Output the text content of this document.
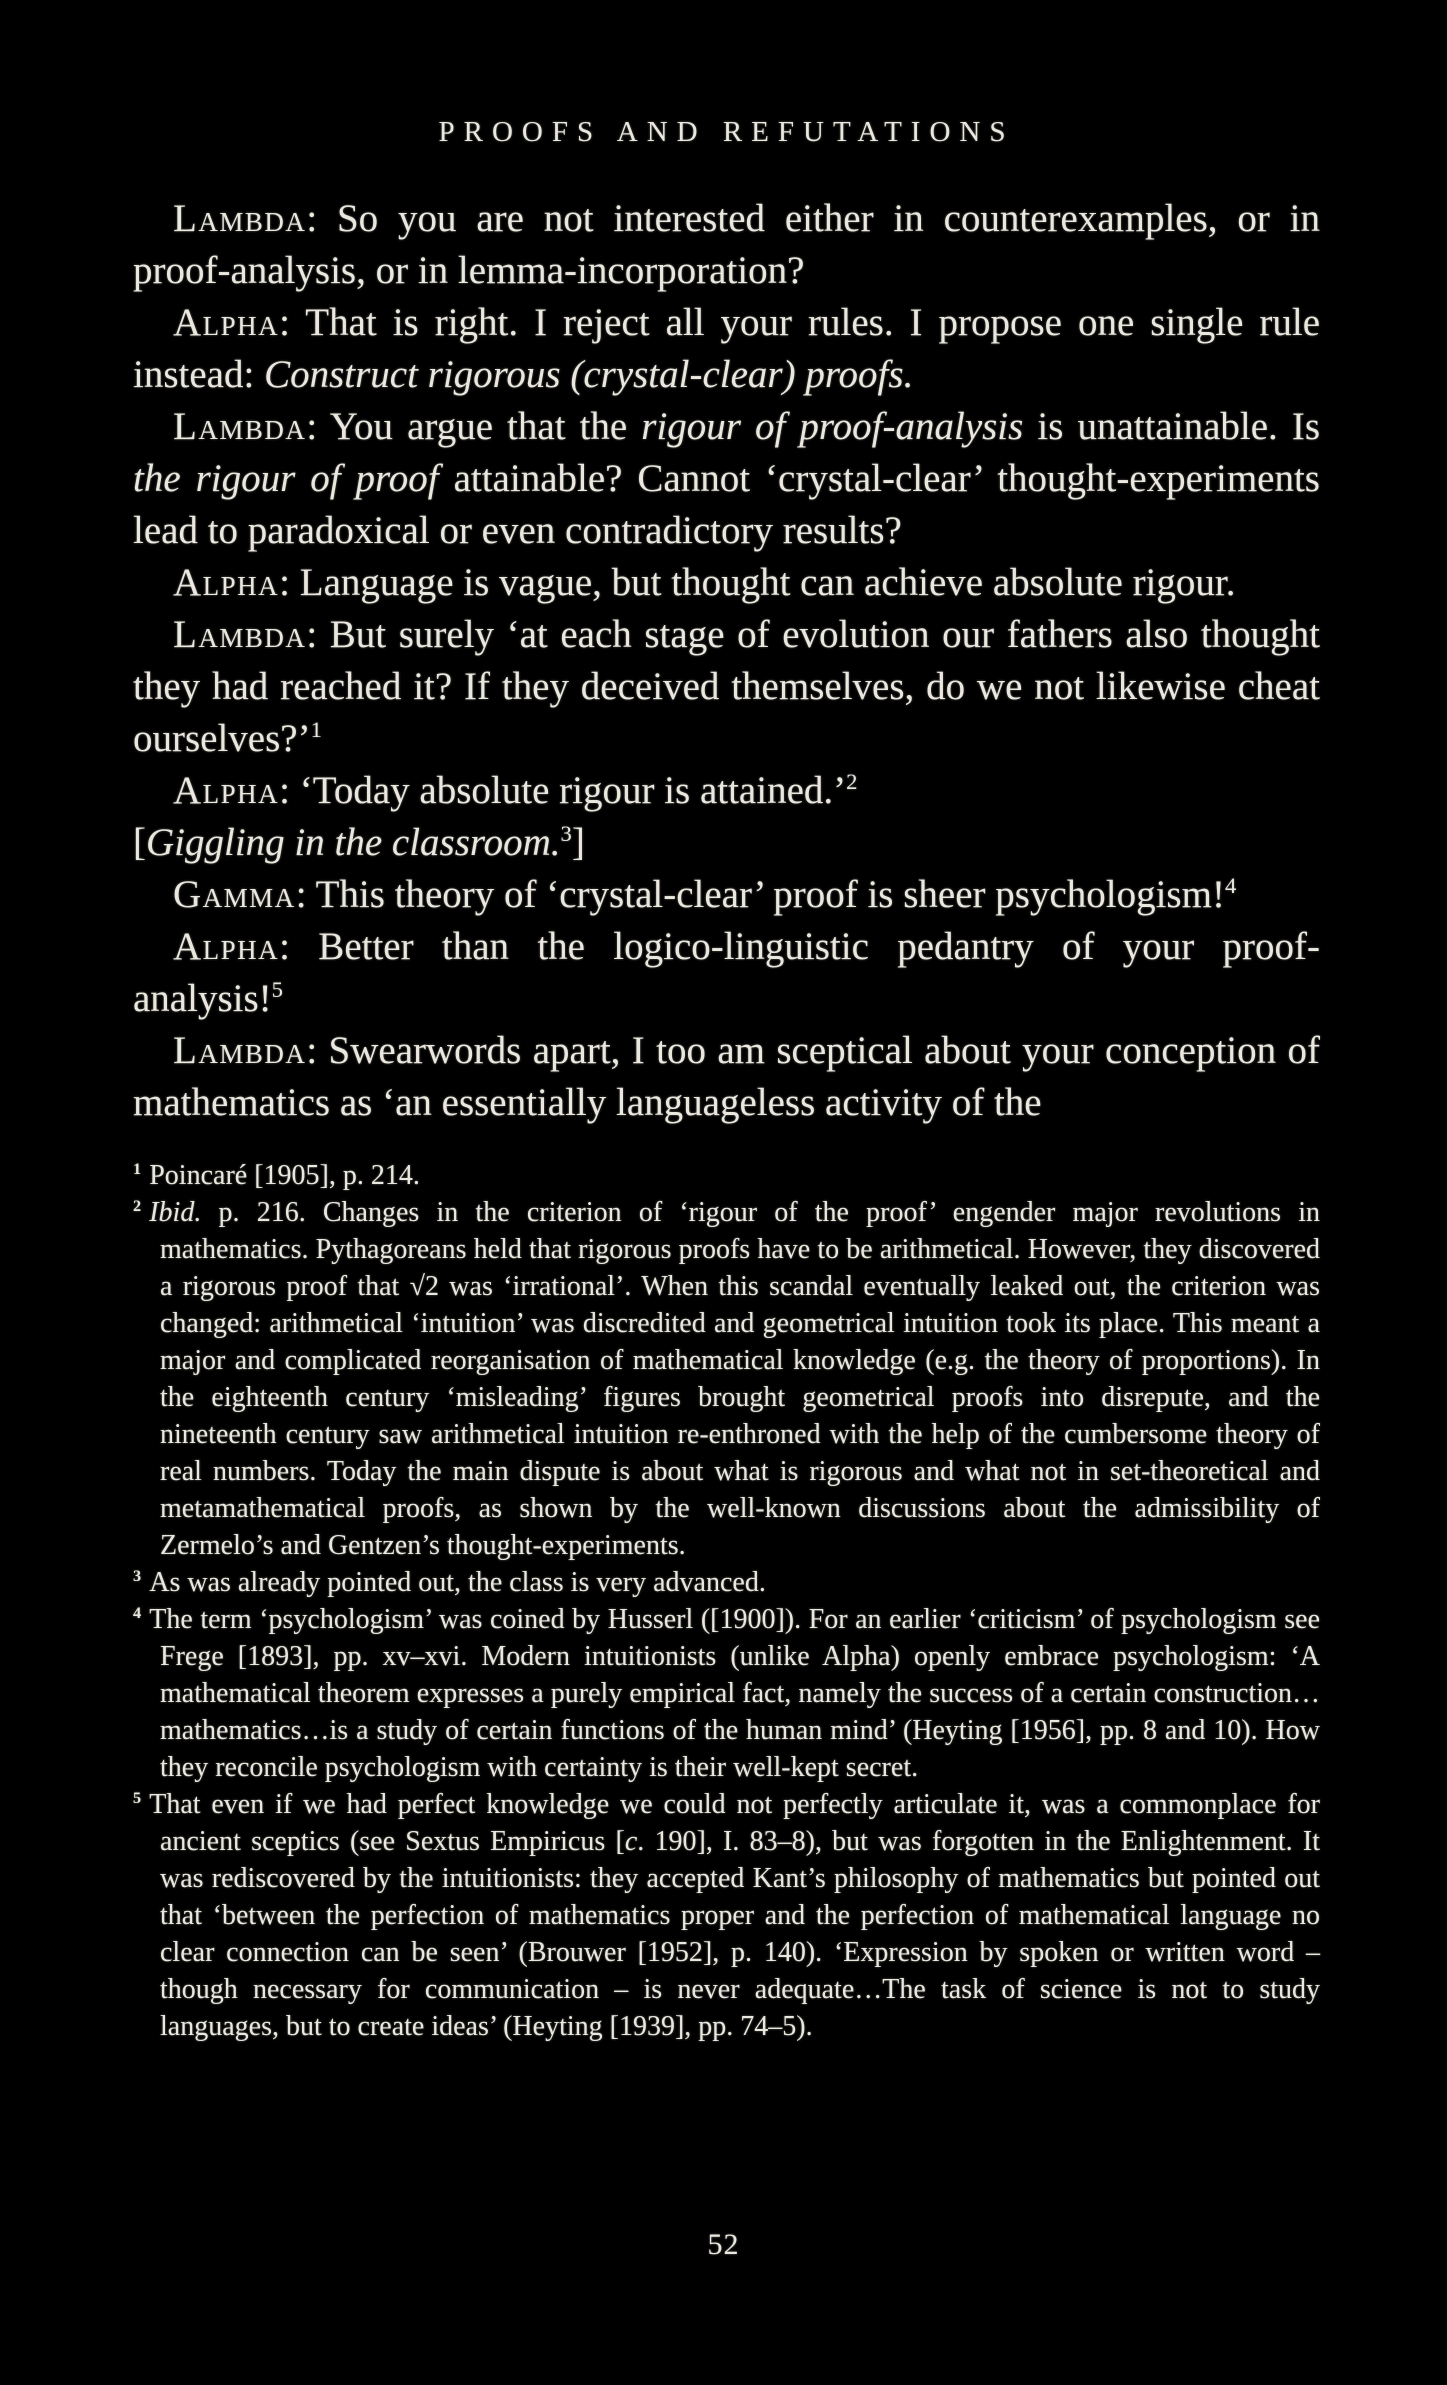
PROOFS AND REFUTATIONS

Lambda: So you are not interested either in counterexamples, or in proof-analysis, or in lemma-incorporation?

Alpha: That is right. I reject all your rules. I propose one single rule instead: Construct rigorous (crystal-clear) proofs.

Lambda: You argue that the rigour of proof-analysis is unattainable. Is the rigour of proof attainable? Cannot ‘crystal-clear’ thought-experiments lead to paradoxical or even contradictory results?

Alpha: Language is vague, but thought can achieve absolute rigour.

Lambda: But surely ‘at each stage of evolution our fathers also thought they had reached it? If they deceived themselves, do we not likewise cheat ourselves?’$^1$

Alpha: ‘Today absolute rigour is attained.’$^2$

[Giggling in the classroom.$^3$]

Gamma: This theory of ‘crystal-clear’ proof is sheer psychologism!$^4$

Alpha: Better than the logico-linguistic pedantry of your proof-analysis!$^5$

Lambda: Swearwords apart, I too am sceptical about your conception of mathematics as ‘an essentially languageless activity of the

$^1$ Poincaré [1905], p. 214.

$^2$ Ibid. p. 216. Changes in the criterion of ‘rigour of the proof’ engender major revolutions in mathematics. Pythagoreans held that rigorous proofs have to be arithmetical. However, they discovered a rigorous proof that √2 was ‘irrational’. When this scandal eventually leaked out, the criterion was changed: arithmetical ‘intuition’ was discredited and geometrical intuition took its place. This meant a major and complicated reorganisation of mathematical knowledge (e.g. the theory of proportions). In the eighteenth century ‘misleading’ figures brought geometrical proofs into disrepute, and the nineteenth century saw arithmetical intuition re-enthroned with the help of the cumbersome theory of real numbers. Today the main dispute is about what is rigorous and what not in set-theoretical and metamathematical proofs, as shown by the well-known discussions about the admissibility of Zermelo’s and Gentzen’s thought-experiments.

$^3$ As was already pointed out, the class is very advanced.

$^4$ The term ‘psychologism’ was coined by Husserl ([1900]). For an earlier ‘criticism’ of psychologism see Frege [1893], pp. xv–xvi. Modern intuitionists (unlike Alpha) openly embrace psychologism: ‘A mathematical theorem expresses a purely empirical fact, namely the success of a certain construction…mathematics…is a study of certain functions of the human mind’ (Heyting [1956], pp. 8 and 10). How they reconcile psychologism with certainty is their well-kept secret.

$^5$ That even if we had perfect knowledge we could not perfectly articulate it, was a commonplace for ancient sceptics (see Sextus Empiricus [c. 190], I. 83–8), but was forgotten in the Enlightenment. It was rediscovered by the intuitionists: they accepted Kant’s philosophy of mathematics but pointed out that ‘between the perfection of mathematics proper and the perfection of mathematical language no clear connection can be seen’ (Brouwer [1952], p. 140). ‘Expression by spoken or written word – though necessary for communication – is never adequate…The task of science is not to study languages, but to create ideas’ (Heyting [1939], pp. 74–5).

52
